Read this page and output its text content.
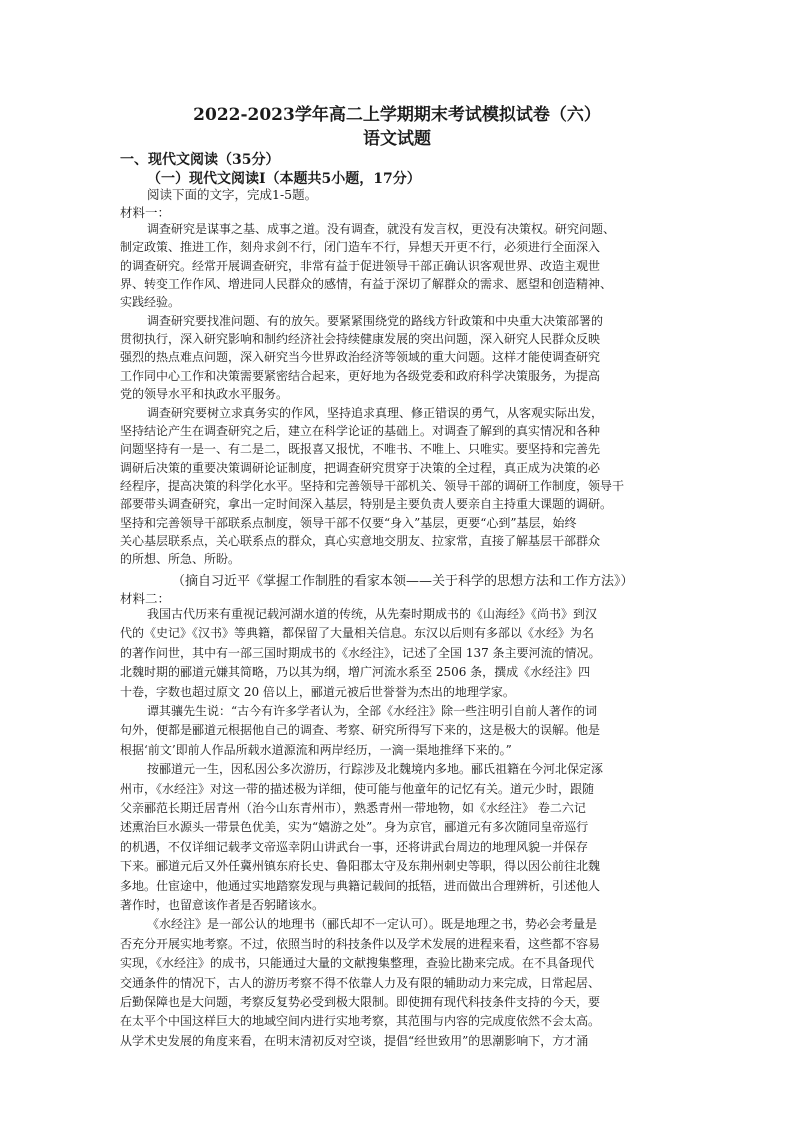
2022-2023学年高二上学期期末考试模拟试卷（六）
语文试题
一、现代文阅读（35分）
（一）现代文阅读Ⅰ（本题共5小题，17分）
阅读下面的文字，完成1-5题。
材料一：
调查研究是谋事之基、成事之道。没有调查，就没有发言权，更没有决策权。研究问题、
制定政策、推进工作，刻舟求剑不行，闭门造车不行，异想天开更不行，必须进行全面深入
的调查研究。经常开展调查研究，非常有益于促进领导干部正确认识客观世界、改造主观世
界、转变工作作风、增进同人民群众的感情，有益于深切了解群众的需求、愿望和创造精神、
实践经验。
调查研究要找准问题、有的放矢。要紧紧围绕党的路线方针政策和中央重大决策部署的
贯彻执行，深入研究影响和制约经济社会持续健康发展的突出问题，深入研究人民群众反映
强烈的热点难点问题，深入研究当今世界政治经济等领域的重大问题。这样才能使调查研究
工作同中心工作和决策需要紧密结合起来，更好地为各级党委和政府科学决策服务，为提高
党的领导水平和执政水平服务。
调查研究要树立求真务实的作风，坚持追求真理、修正错误的勇气，从客观实际出发，
坚持结论产生在调查研究之后，建立在科学论证的基础上。对调查了解到的真实情况和各种
问题坚持有一是一、有二是二，既报喜又报忧，不唯书、不唯上、只唯实。要坚持和完善先
调研后决策的重要决策调研论证制度，把调查研究贯穿于决策的全过程，真正成为决策的必
经程序，提高决策的科学化水平。坚持和完善领导干部机关、领导干部的调研工作制度，领导干
部要带头调查研究，拿出一定时间深入基层，特别是主要负责人要亲自主持重大课题的调研。
坚持和完善领导干部联系点制度，领导干部不仅要“身入”基层，更要“心到”基层，始终
关心基层联系点，关心联系点的群众，真心实意地交朋友、拉家常，直接了解基层干部群众
的所想、所急、所盼。
（摘自习近平《掌握工作制胜的看家本领——关于科学的思想方法和工作方法》）
材料二：
我国古代历来有重视记载河湖水道的传统，从先秦时期成书的《山海经》《尚书》到汉
代的《史记》《汉书》等典籍，都保留了大量相关信息。东汉以后则有多部以《水经》为名
的著作问世，其中有一部三国时期成书的《水经注》，记述了全国 137 条主要河流的情况。
北魏时期的郦道元嫌其简略，乃以其为纲，增广河流水系至 2506 条，撰成《水经注》四
十卷，字数也超过原文 20 倍以上，郦道元被后世誉誉为杰出的地理学家。
谭其骧先生说：“古今有许多学者认为，全部《水经注》除一些注明引自前人著作的词
句外，便都是郦道元根据他自己的调查、考察、研究所得写下来的，这是极大的误解。他是
根据‘前文’即前人作品所载水道源流和两岸经历，一滴一渠地推绎下来的。”
按郦道元一生，因私因公多次游历，行踪涉及北魏境内多地。郦氏祖籍在今河北保定涿
州市，《水经注》对这一带的描述极为详细，使可能与他童年的记忆有关。道元少时，跟随
父亲郦范长期迁居青州（治今山东青州市），熟悉青州一带地物，如《水经注》 卷二六记
述熏治巨水源头一带景色优美，实为“嬉游之处”。身为京官，郦道元有多次随同皇帝巡行
的机遇，不仅详细记载孝文帝巡幸阴山讲武台一事，还将讲武台周边的地理风貌一并保存
下来。郦道元后又外任冀州镇东府长史、鲁阳郡太守及东荆州刺史等职，得以因公前往北魏
多地。仕宦途中，他通过实地踏察发现与典籍记载间的抵牾，进而做出合理辨析，引述他人
著作时，也留意该作者是否躬睹该水。
《水经注》是一部公认的地理书（郦氏却不一定认可）。既是地理之书，势必会考量是
否充分开展实地考察。不过，依照当时的科技条件以及学术发展的进程来看，这些都不容易
实现，《水经注》的成书，只能通过大量的文献搜集整理，查验比勘来完成。在不具备现代
交通条件的情况下，古人的游历考察不得不依靠人力及有限的辅助动力来完成，日常起居、
后勤保障也是大问题，考察反复势必受到极大限制。即使拥有现代科技条件支持的今天，要
在太平个中国这样巨大的地域空间内进行实地考察，其范围与内容的完成度依然不会太高。
从学术史发展的角度来看，在明末清初反对空谈，提倡“经世致用”的思潮影响下，方才涌
